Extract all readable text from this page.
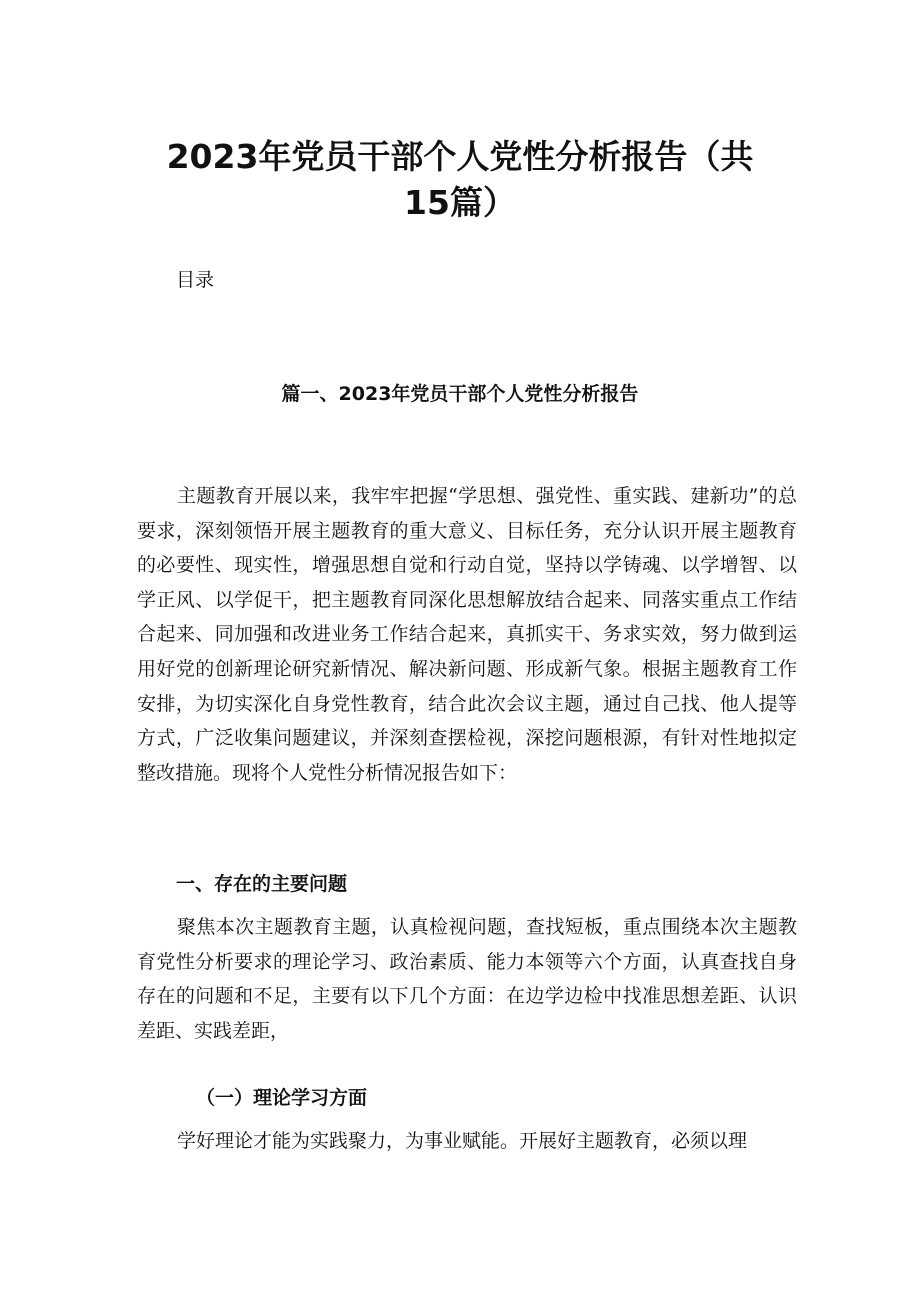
2023年党员干部个人党性分析报告（共15篇）

目录

篇一、2023年党员干部个人党性分析报告

主题教育开展以来，我牢牢把握“学思想、强党性、重实践、建新功”的总要求，深刻领悟开展主题教育的重大意义、目标任务，充分认识开展主题教育的必要性、现实性，增强思想自觉和行动自觉，坚持以学铸魂、以学增智、以学正风、以学促干，把主题教育同深化思想解放结合起来、同落实重点工作结合起来、同加强和改进业务工作结合起来，真抓实干、务求实效，努力做到运用好党的创新理论研究新情况、解决新问题、形成新气象。根据主题教育工作安排，为切实深化自身党性教育，结合此次会议主题，通过自己找、他人提等方式，广泛收集问题建议，并深刻查摆检视，深挖问题根源，有针对性地拟定整改措施。现将个人党性分析情况报告如下：

一、存在的主要问题

聚焦本次主题教育主题，认真检视问题，查找短板，重点围绕本次主题教育党性分析要求的理论学习、政治素质、能力本领等六个方面，认真查找自身存在的问题和不足，主要有以下几个方面：在边学边检中找准思想差距、认识差距、实践差距，

（一）理论学习方面

学好理论才能为实践聚力，为事业赋能。开展好主题教育，必须以理
